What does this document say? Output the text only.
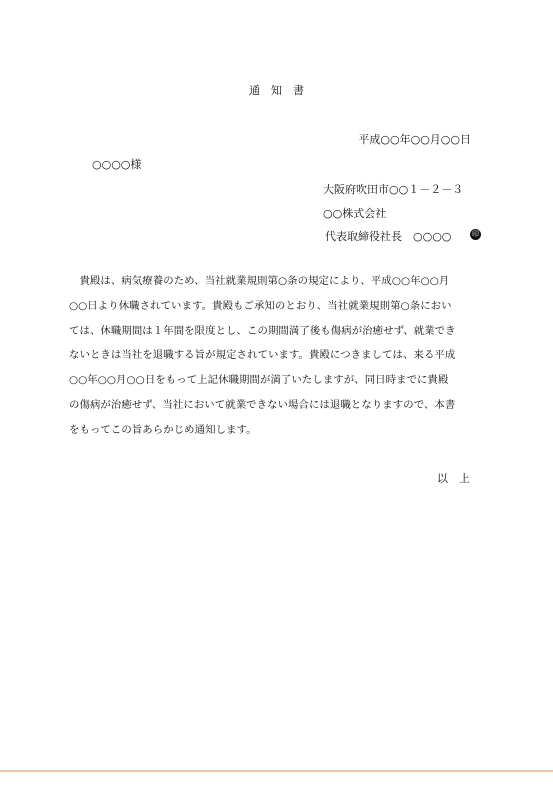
通　知　書
平成○○年○○月○○日
○○○○様
大阪府吹田市○○１－２－３
○○株式会社
代表取締役社長　○○○○	印
　貴殿は、病気療養のため、当社就業規則第○条の規定により、平成○○年○○月
○○日より休職されています。貴殿もご承知のとおり、当社就業規則第○条におい
ては、休職期間は１年間を限度とし、この期間満了後も傷病が治癒せず、就業でき
ないときは当社を退職する旨が規定されています。貴殿につきましては、来る平成
○○年○○月○○日をもって上記休職期間が満了いたしますが、同日時までに貴殿
の傷病が治癒せず、当社において就業できない場合には退職となりますので、本書
をもってこの旨あらかじめ通知します。
以　上
